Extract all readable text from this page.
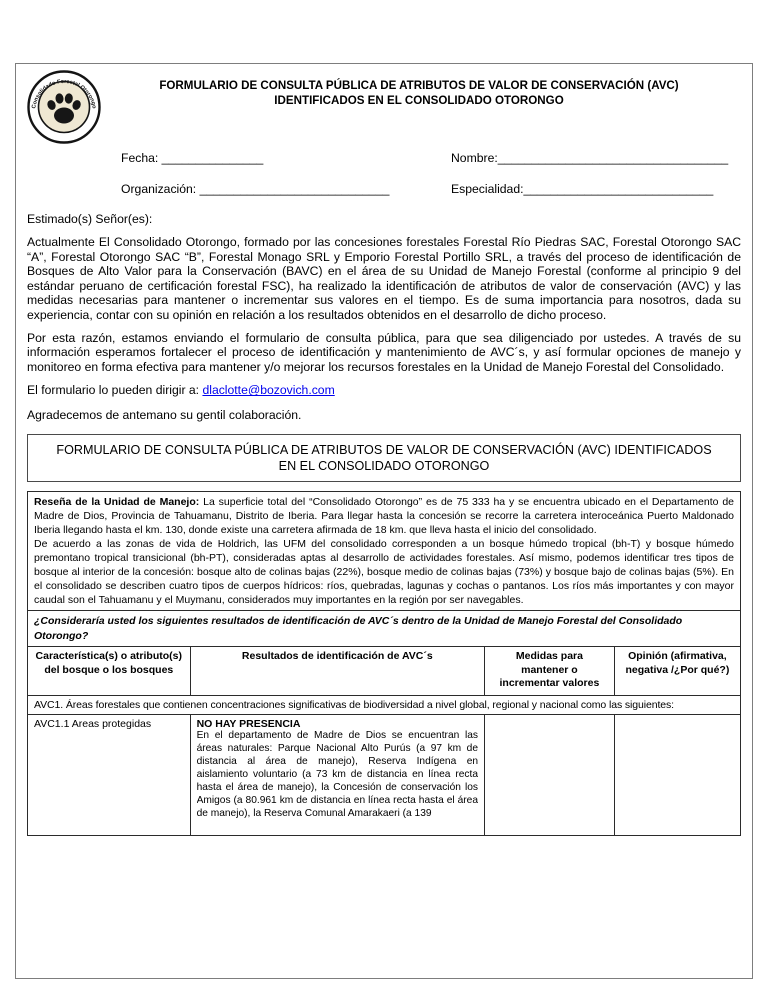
Consolidado Forestal Otorongo
FORMULARIO DE CONSULTA PÚBLICA DE ATRIBUTOS DE VALOR DE CONSERVACIÓN (AVC)
IDENTIFICADOS EN EL CONSOLIDADO OTORONGO
Fecha: _______________	Nombre:__________________________________
Organización: ____________________________	Especialidad:____________________________
Estimado(s) Señor(es):
Actualmente El Consolidado Otorongo, formado por las concesiones forestales Forestal Río Piedras SAC, Forestal Otorongo SAC “A”, Forestal Otorongo SAC “B”, Forestal Monago SRL y Emporio Forestal Portillo SRL, a través del proceso de identificación de Bosques de Alto Valor para la Conservación (BAVC) en el área de su Unidad de Manejo Forestal (conforme al principio 9 del estándar peruano de certificación forestal FSC), ha realizado la identificación de atributos de valor de conservación (AVC) y las medidas necesarias para mantener o incrementar sus valores en el tiempo. Es de suma importancia para nosotros, dada su experiencia, contar con su opinión en relación a los resultados obtenidos en el desarrollo de dicho proceso.
Por esta razón, estamos enviando el formulario de consulta pública, para que sea diligenciado por ustedes. A través de su información esperamos fortalecer el proceso de identificación y mantenimiento de AVC´s, y así formular opciones de manejo y monitoreo en forma efectiva para mantener y/o mejorar los recursos forestales en la Unidad de Manejo Forestal del Consolidado.
El formulario lo pueden dirigir a: dlaclotte@bozovich.com
Agradecemos de antemano su gentil colaboración.
FORMULARIO DE CONSULTA PÚBLICA DE ATRIBUTOS DE VALOR DE CONSERVACIÓN (AVC) IDENTIFICADOS EN EL CONSOLIDADO OTORONGO
Reseña de la Unidad de Manejo: La superficie total del “Consolidado Otorongo” es de 75 333 ha y se encuentra ubicado en el Departamento de Madre de Dios, Provincia de Tahuamanu, Distrito de Iberia. Para llegar hasta la concesión se recorre la carretera interoceánica Puerto Maldonado Iberia llegando hasta el km. 130, donde existe una carretera afirmada de 18 km. que lleva hasta el inicio del consolidado.
De acuerdo a las zonas de vida de Holdrich, las UFM del consolidado corresponden a un bosque húmedo tropical (bh-T) y bosque húmedo premontano tropical transicional (bh-PT), consideradas aptas al desarrollo de actividades forestales. Así mismo, podemos identificar tres tipos de bosque al interior de la concesión: bosque alto de colinas bajas (22%), bosque medio de colinas bajas (73%) y bosque bajo de colinas bajas (5%). En el consolidado se describen cuatro tipos de cuerpos hídricos: ríos, quebradas, lagunas y cochas o pantanos. Los ríos más importantes y con mayor caudal son el Tahuamanu y el Muymanu, considerados muy importantes en la región por ser navegables.			

¿Consideraría usted los siguientes resultados de identificación de AVC´s dentro de la Unidad de Manejo Forestal del Consolidado Otorongo?			
Característica(s) o atributo(s) del bosque o los bosques	Resultados de identificación de AVC´s	Medidas para mantener o incrementar valores	Opinión (afirmativa, negativa /¿Por qué?)
AVC1. Áreas forestales que contienen concentraciones significativas de biodiversidad a nivel global, regional y nacional como las siguientes:			
AVC1.1 Areas protegidas	NO HAY PRESENCIA
En el departamento de Madre de Dios se encuentran las áreas naturales: Parque Nacional Alto Purús (a 97 km de distancia al área de manejo), Reserva Indígena en aislamiento voluntario (a 73 km de distancia en línea recta hasta el área de manejo), la Concesión de conservación los Amigos (a 80.961 km de distancia en línea recta hasta el área de manejo), la Reserva Comunal Amarakaeri (a 139		
